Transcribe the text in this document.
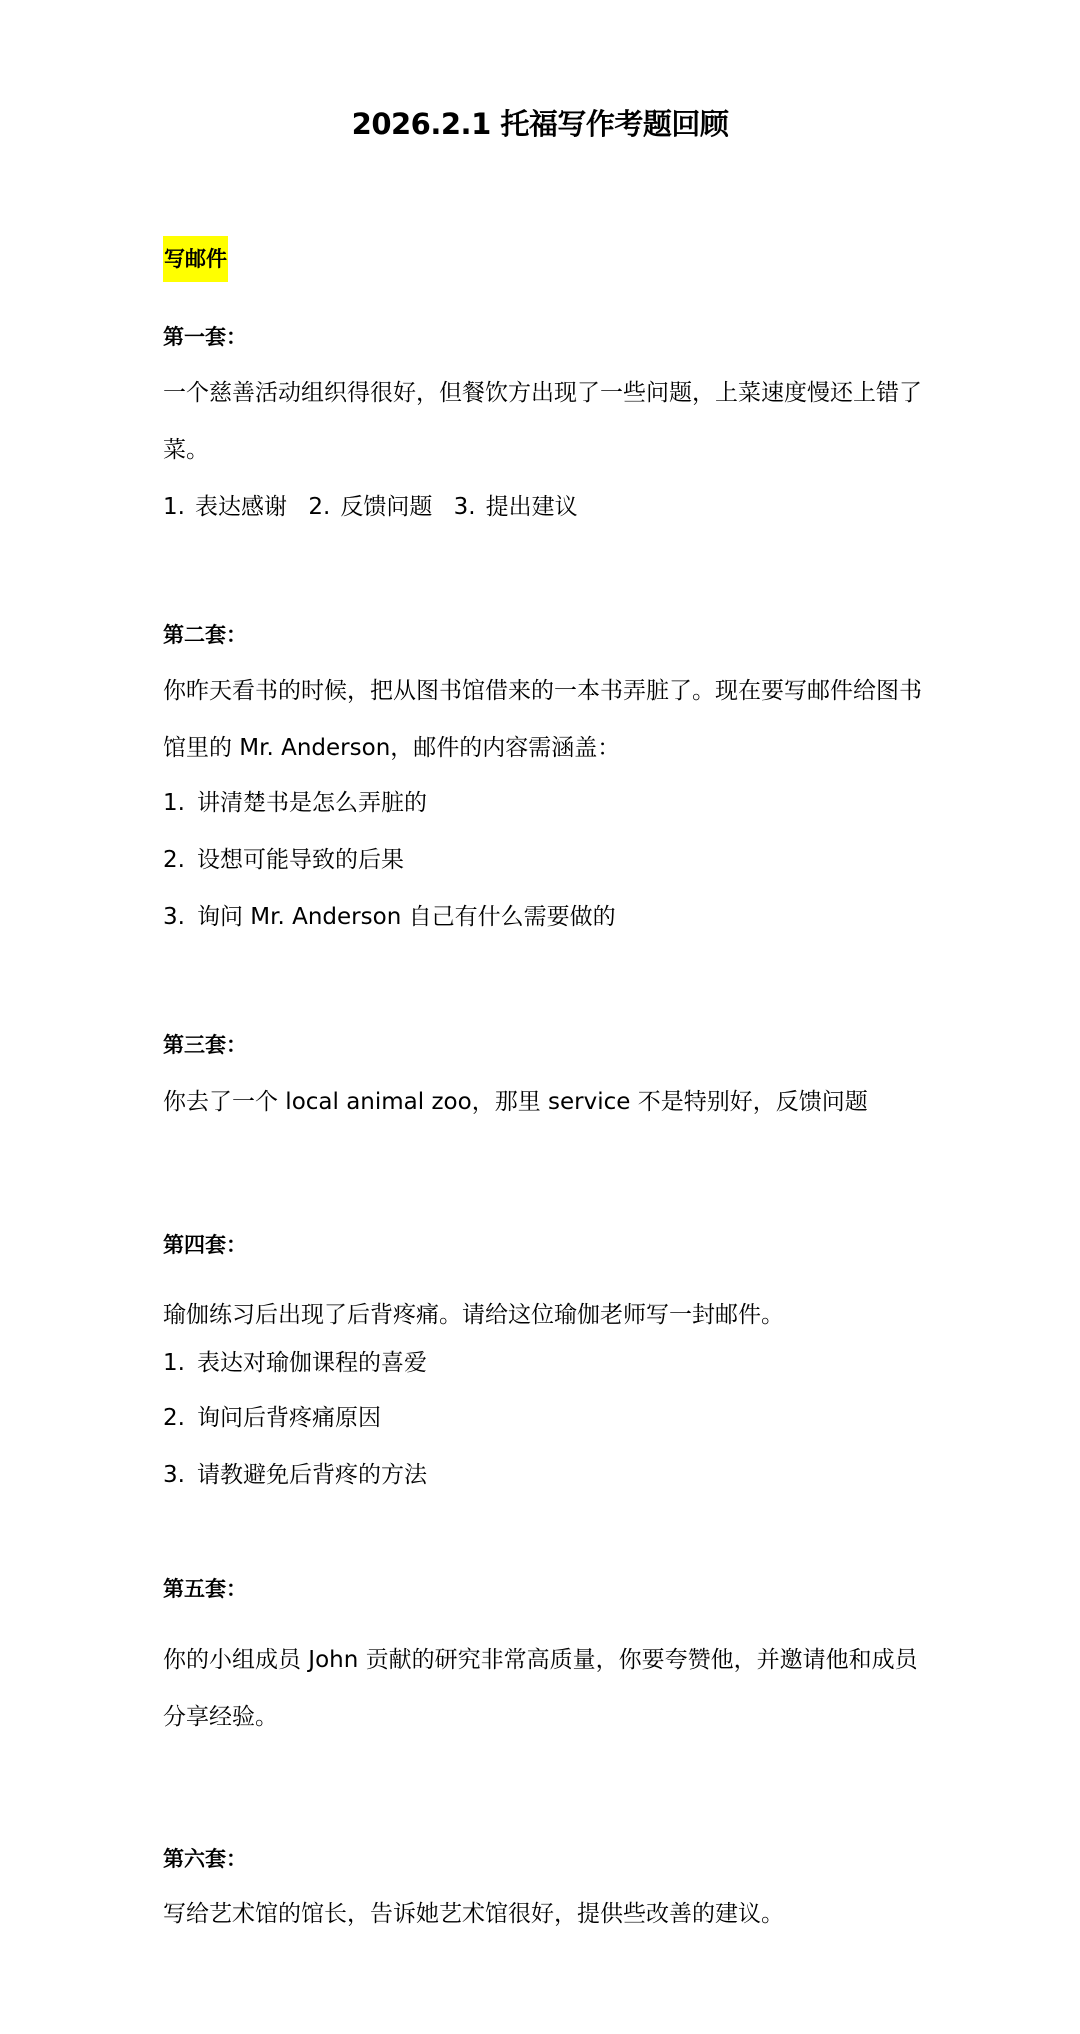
2026.2.1 托福写作考题回顾
写邮件
第一套：
一个慈善活动组织得很好，但餐饮方出现了一些问题，上菜速度慢还上错了菜。
1. 表达感谢 2. 反馈问题 3. 提出建议
第二套：
你昨天看书的时候，把从图书馆借来的一本书弄脏了。现在要写邮件给图书馆里的 Mr. Anderson，邮件的内容需涵盖：
1. 讲清楚书是怎么弄脏的
2. 设想可能导致的后果
3. 询问 Mr. Anderson 自己有什么需要做的
第三套：
你去了一个 local animal zoo，那里 service 不是特别好，反馈问题
第四套：
瑜伽练习后出现了后背疼痛。请给这位瑜伽老师写一封邮件。
1. 表达对瑜伽课程的喜爱
2. 询问后背疼痛原因
3. 请教避免后背疼的方法
第五套：
你的小组成员 John 贡献的研究非常高质量，你要夸赞他，并邀请他和成员分享经验。
第六套：
写给艺术馆的馆长，告诉她艺术馆很好，提供些改善的建议。
